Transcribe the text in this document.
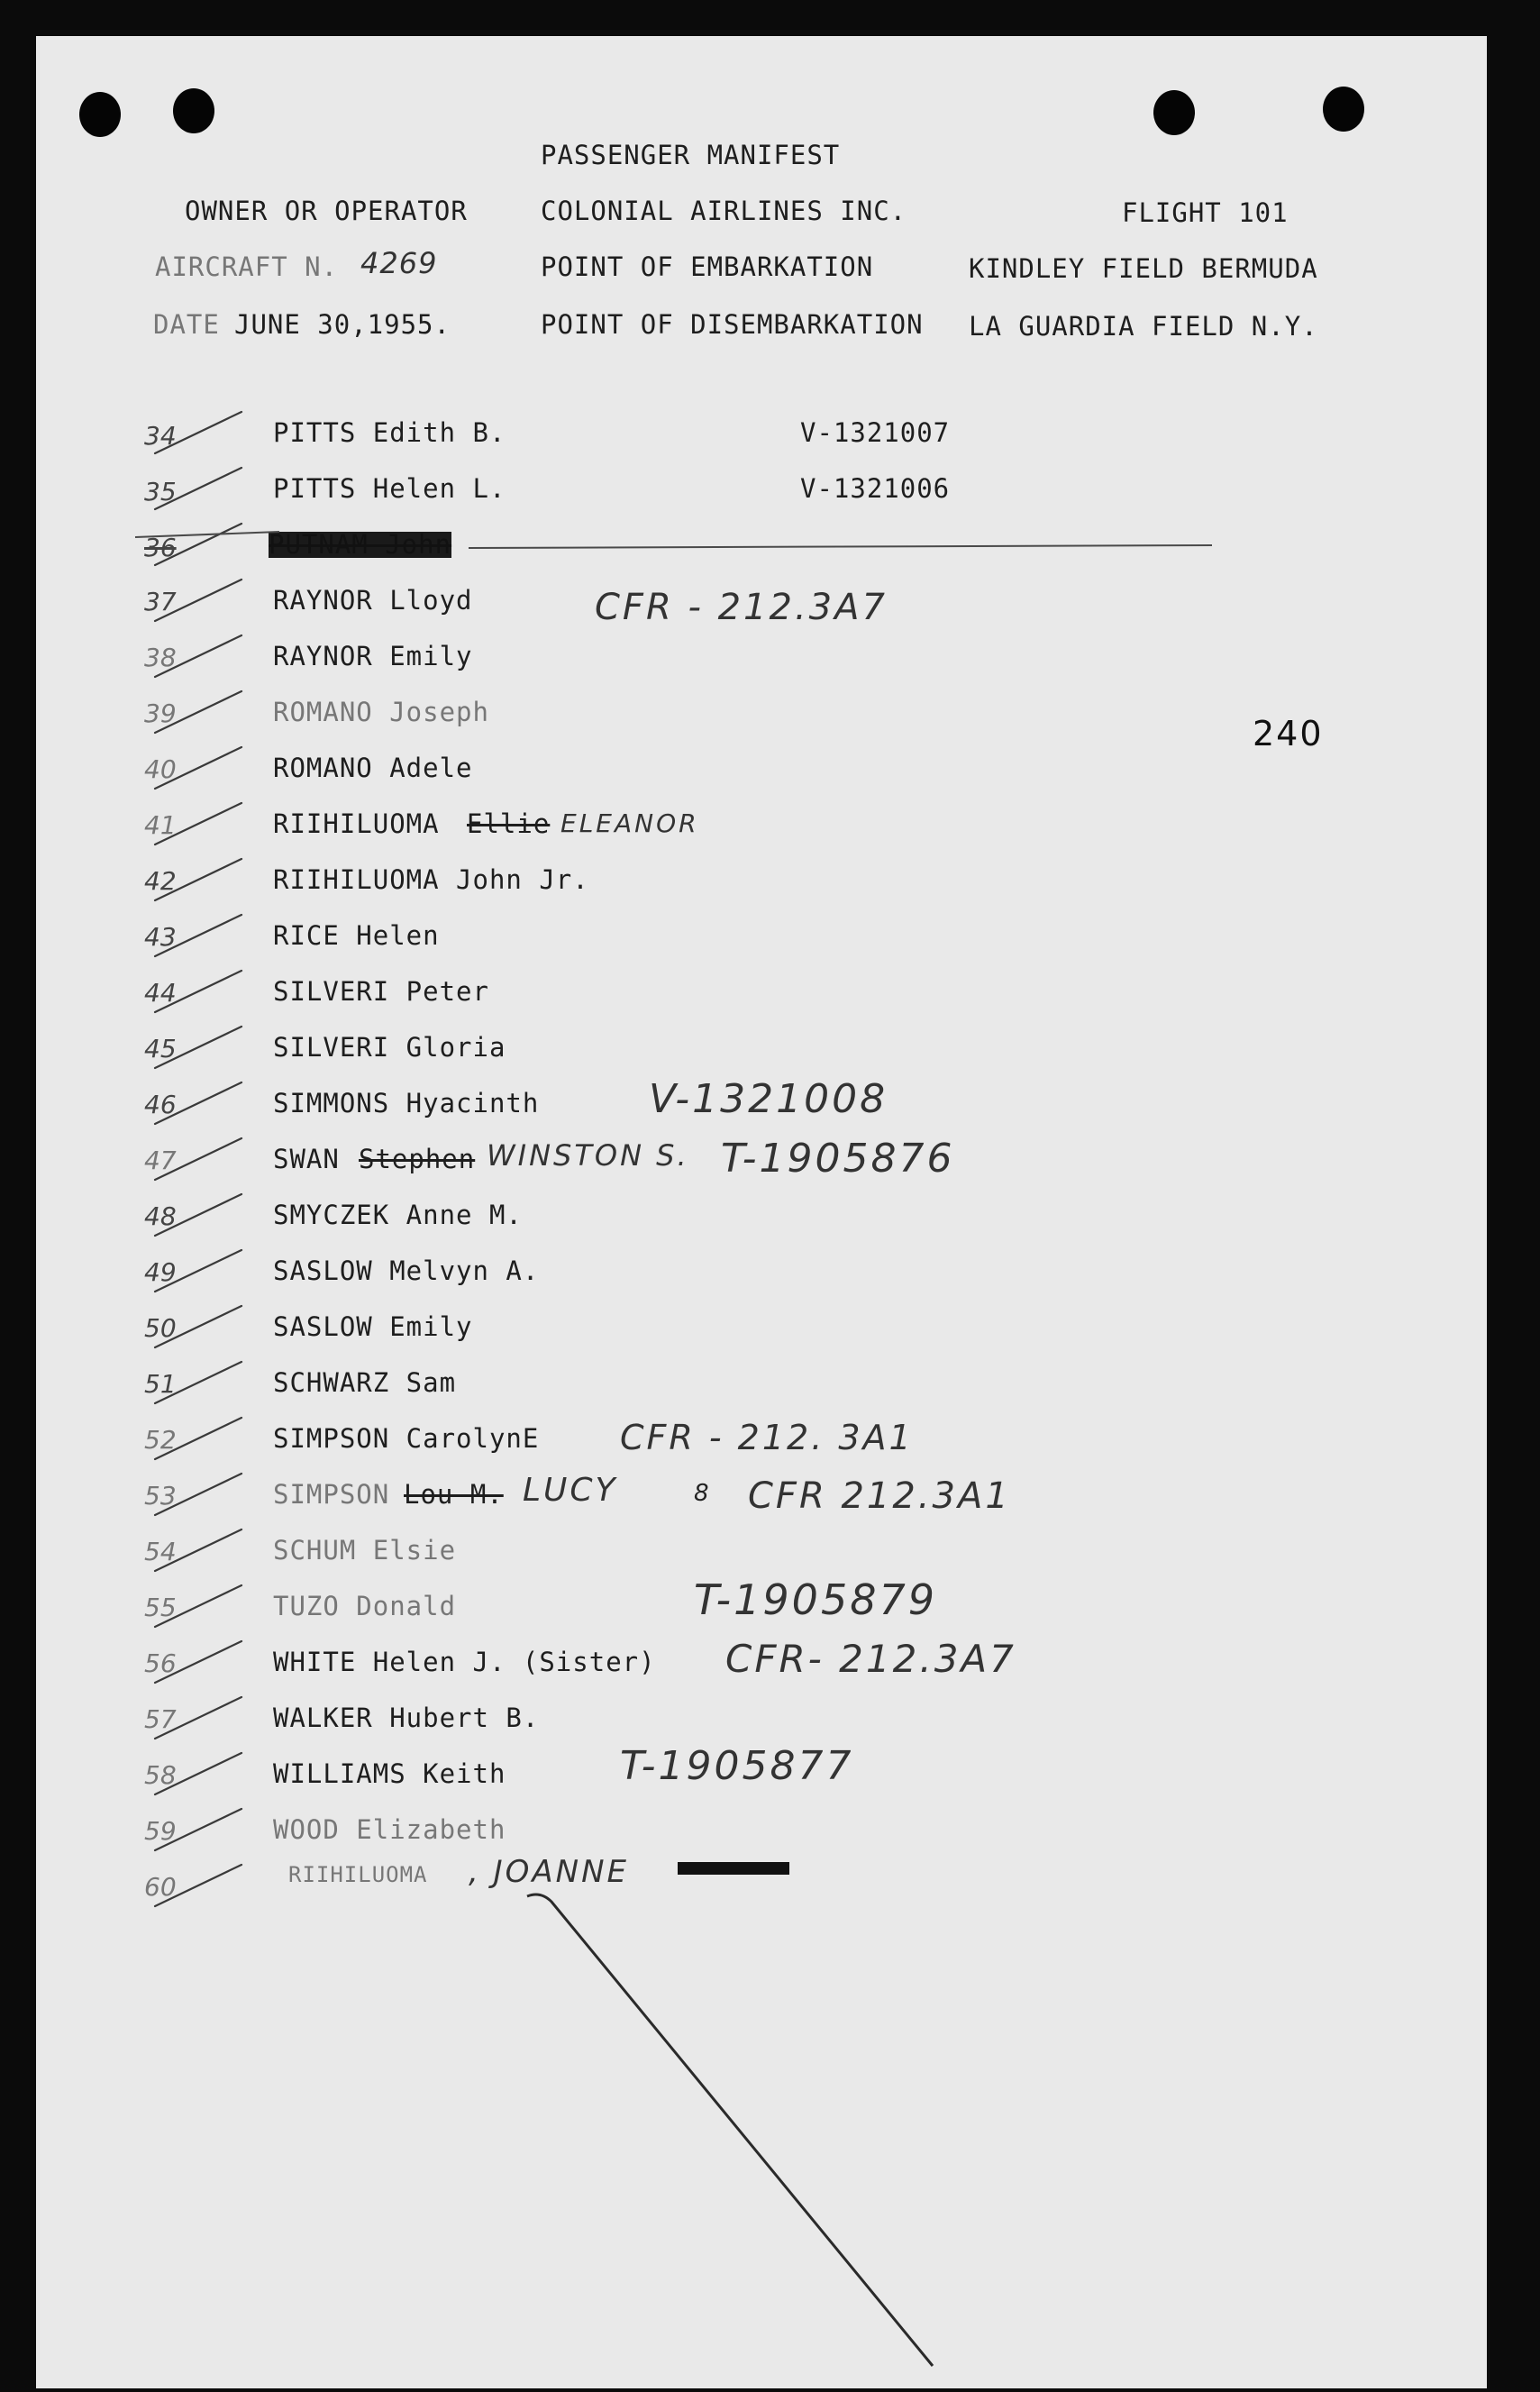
PASSENGER MANIFEST
OWNER OR OPERATOR	COLONIAL AIRLINES INC.	FLIGHT 101
AIRCRAFT N. 4269	POINT OF EMBARKATION	KINDLEY FIELD BERMUDA
DATE JUNE 30,1955.	POINT OF DISEMBARKATION LA GUARDIA FIELD N.Y.
240
34	PITTS Edith B.	V-1321007
35	PITTS Helen L.	V-1321006
36	PUTNAM John
37	RAYNOR Lloyd	CFR - 212.3A7
38	RAYNOR Emily
39	ROMANO Joseph
40	ROMANO Adele
41	RIIHILUOMA Ellie ELEANOR
42	RIIHILUOMA John Jr.
43	RICE Helen
44	SILVERI Peter
45	SILVERI Gloria
46	SIMMONS Hyacinth	V-1321008
47	SWAN Stephen WINSTON S. T-1905876
48	SMYCZEK Anne M.
49	SASLOW Melvyn A.
50	SASLOW Emily
51	SCHWARZ Sam
52	SIMPSON CarolynE CFR - 212. 3A1
53	SIMPSON Lou M. LUCY	8 CFR 212.3A1
54	SCHUM Elsie
55	TUZO Donald	T-1905879
56	WHITE Helen J. (Sister) CFR- 212.3A7
57	WALKER Hubert B.
58	WILLIAMS Keith	T-1905877
59	WOOD Elizabeth
60	RIIHILUOMA , JOANNE
